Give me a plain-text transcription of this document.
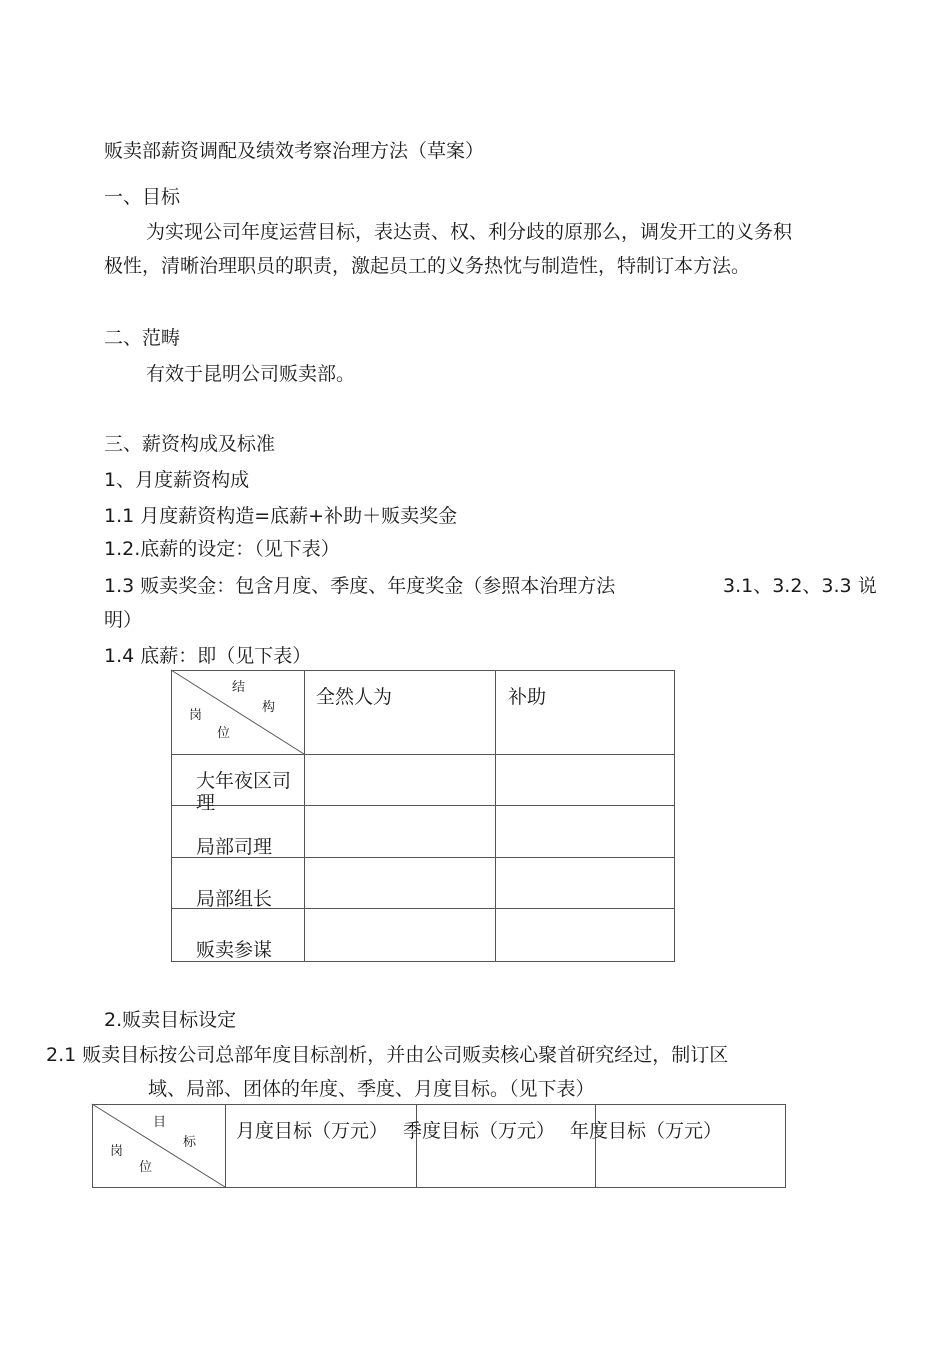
贩卖部薪资调配及绩效考察治理方法（草案）
一、目标
为实现公司年度运营目标，表达责、权、利分歧的原那么，调发开工的义务积
极性，清晰治理职员的职责，激起员工的义务热忱与制造性，特制订本方法。
二、范畴
有效于昆明公司贩卖部。
三、薪资构成及标准
1、月度薪资构成
1.1 月度薪资构造=底薪+补助＋贩卖奖金
1.2.底薪的设定：（见下表）
1.3 贩卖奖金：包含月度、季度、年度奖金（参照本治理方法	3.1、3.2、3.3 说
明）
1.4 底薪：即（见下表）
结
构
岗
位
全然人为	补助
大年夜区司
理
局部司理
局部组长
贩卖参谋
2.贩卖目标设定
2.1 贩卖目标按公司总部年度目标剖析，并由公司贩卖核心聚首研究经过，制订区
域、局部、团体的年度、季度、月度目标。（见下表）
目
标
岗
位
月度目标（万元） 季度目标（万元） 年度目标（万元）
